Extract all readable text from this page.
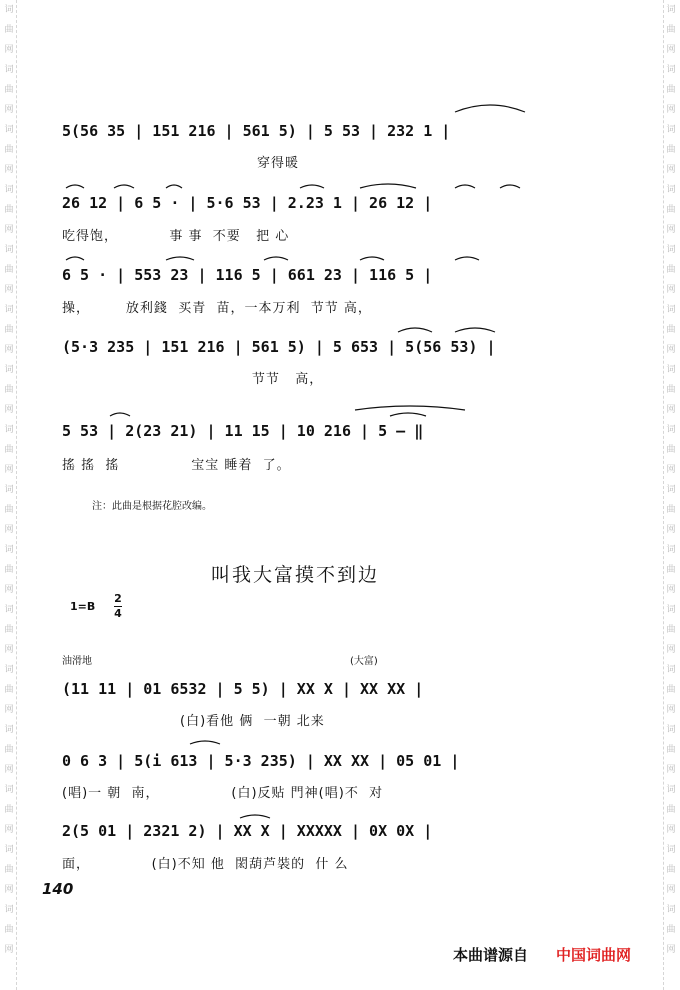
词曲网
词曲网
词曲网
词曲网
词曲网
词曲网
词曲网
词曲网
词曲网
词曲网
词曲网
词曲网
词曲网
词曲网
词曲网
词曲网
词曲网
词曲网
词曲网
词曲网
词曲网
词曲网
词曲网
词曲网
词曲网
词曲网
词曲网
词曲网
词曲网
词曲网
词曲网
词曲网
5(56 35 | 151 216 | 561 5) | 5 53 | 232 1 |
穿得暖
26 12 | 6 5 · | 5·6 53 | 2.23 1 | 26 12 |
吃得饱，          事 事  不要   把 心
6 5 · | 553 23 | 116 5 | 661 23 | 116 5 |
操，       放利錢  买青  苗，一本万利  节节 高，
(5·3 235 | 151 216 | 561 5) | 5 653 | 5(56 53) |
节节   高，
5 53 | 2(23 21) | 11 15 | 10 216 | 5 — ‖
搖 搖  搖              宝宝 睡着  了。
注：此曲是根据花腔改编。
叫我大富摸不到边
1=B
2
4
油滑地	(大富)
(11 11 | 01 6532 | 5 5) | XX X | XX XX |
(白)看他 俩  一朝 北来
0 6 3 | 5(i 613 | 5·3 235) | XX XX | 05 01 |
(唱)一 朝  南，              (白)反贴 門神(唱)不  对
2(5 01 | 2321 2) | XX X | XXXXX | 0X 0X |
面，            (白)不知 他  閎葫芦裝的  什 么
140
本曲谱源自 中国词曲网
